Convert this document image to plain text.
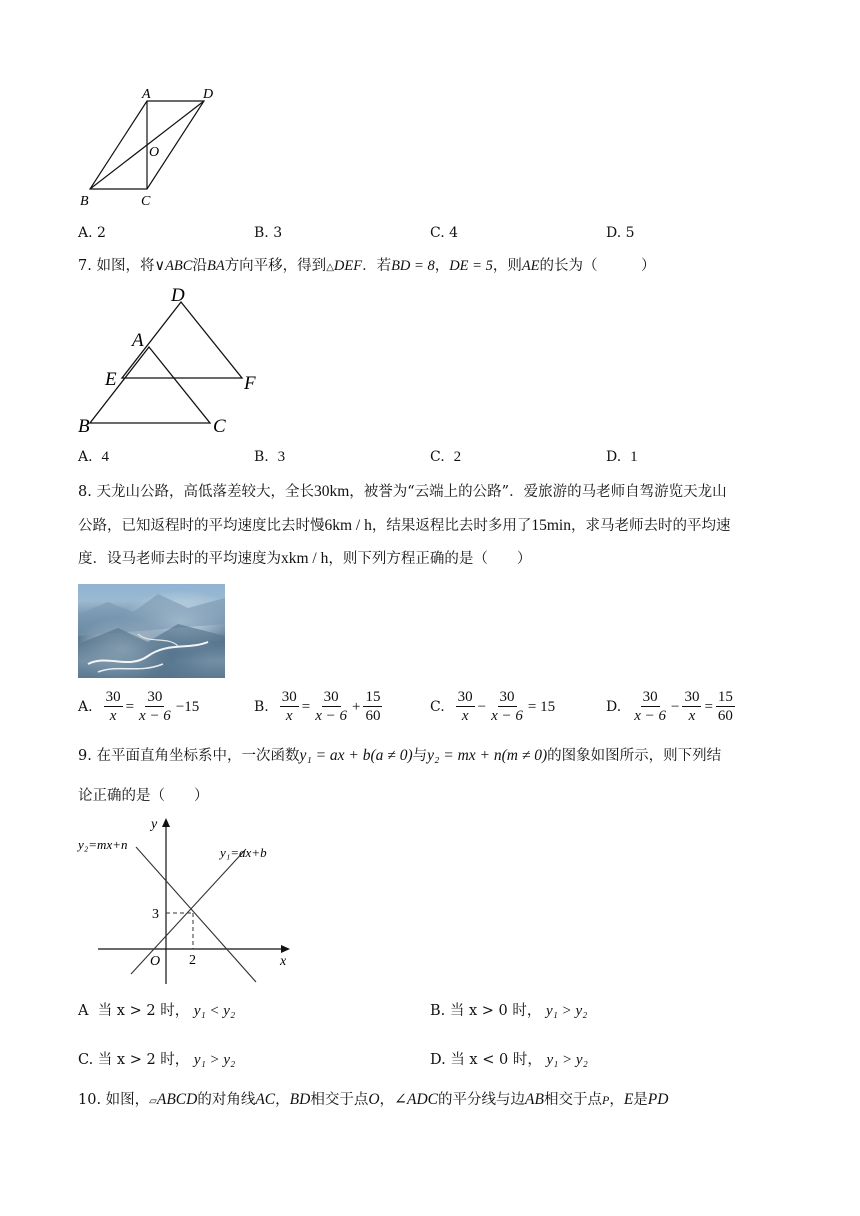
A	D
O
B	C
A. 2	B. 3	C. 4	D. 5
7. 如图，将∨ABC沿BA方向平移，得到△DEF．若BD = 8，DE = 5，则AE的长为（　　　）
D
A
E	F
B	C
A. 4	B. 3	C. 2	D. 1
8. 天龙山公路，高低落差较大，全长30km，被誉为“云端上的公路”．爱旅游的马老师自驾游览天龙山
公路，已知返程时的平均速度比去时慢6km / h，结果返程比去时多用了15min，求马老师去时的平均速
度．设马老师去时的平均速度为xkm / h，则下列方程正确的是（　　）
A. $\frac{30}{x} = \frac{30}{x - 6} -15$	B. $\frac{30}{x} = \frac{30}{x - 6} + \frac{15}{60}$	C. $\frac{30}{x} - \frac{30}{x - 6} = 15$	D. $\frac{30}{x - 6} - \frac{30}{x} = \frac{15}{60}$
9. 在平面直角坐标系中，一次函数y₁ = ax + b(a ≠ 0)与y₂ = mx + n(m ≠ 0)的图象如图所示，则下列结
论正确的是（　　）
y₂=mx+n
y₁=ax+b
y
x
O 2
3
A 当 x > 2 时， y₁ < y₂	B. 当 x > 0 时， y₁ > y₂
C. 当 x > 2 时， y₁ > y₂	D. 当 x < 0 时， y₁ > y₂
10. 如图，▱ABCD的对角线AC，BD相交于点O，∠ADC的平分线与边AB相交于点P，E是PD
